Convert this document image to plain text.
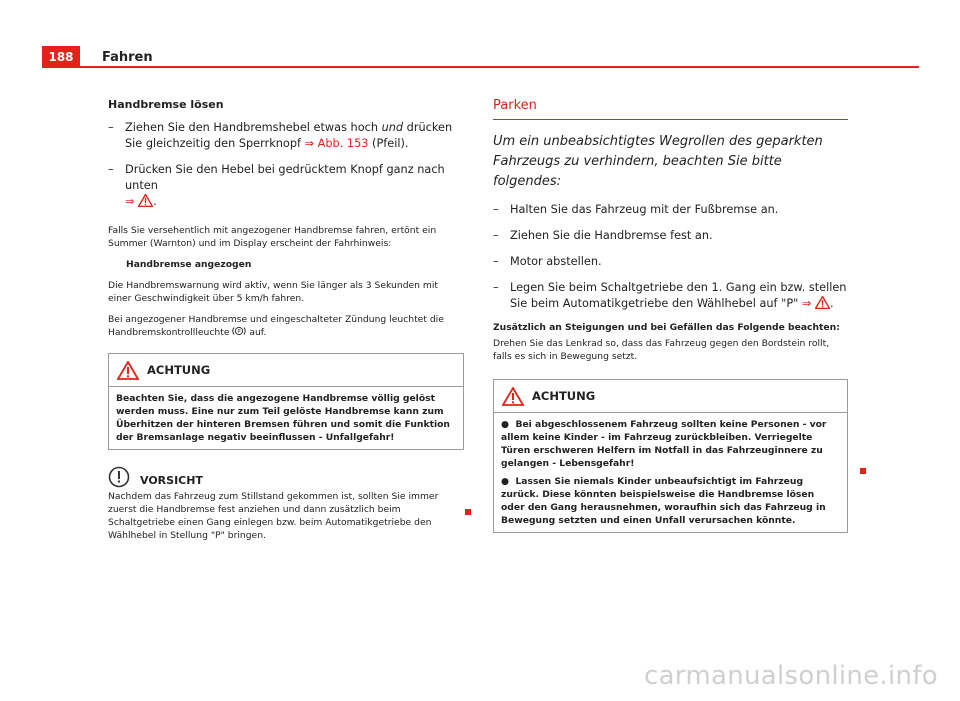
188	Fahren
Handbremse lösen
– Ziehen Sie den Handbremshebel etwas hoch und drücken Sie gleichzeitig den Sperrknopf ⇒ Abb. 153 (Pfeil).
– Drücken Sie den Hebel bei gedrücktem Knopf ganz nach unten
⇒ .

Falls Sie versehentlich mit angezogener Handbremse fahren, ertönt ein Summer (Warnton) und im Display erscheint der Fahrhinweis:

Handbremse angezogen

Die Handbremswarnung wird aktiv, wenn Sie länger als 3 Sekunden mit einer Geschwindigkeit über 5 km/h fahren.

Bei angezogener Handbremse und eingeschalteter Zündung leuchtet die Handbremskontrollleuchte P auf.

ACHTUNG

Beachten Sie, dass die angezogene Handbremse völlig gelöst werden muss. Eine nur zum Teil gelöste Handbremse kann zum Überhitzen der hinteren Bremsen führen und somit die Funktion der Bremsanlage negativ beeinflussen - Unfallgefahr!

VORSICHT

Nachdem das Fahrzeug zum Stillstand gekommen ist, sollten Sie immer zuerst die Handbremse fest anziehen und dann zusätzlich beim Schaltgetriebe einen Gang einlegen bzw. beim Automatikgetriebe den Wählhebel in Stellung "P" bringen.

Parken
Um ein unbeabsichtigtes Wegrollen des geparkten Fahrzeugs zu verhindern, beachten Sie bitte folgendes:
– Halten Sie das Fahrzeug mit der Fußbremse an.
– Ziehen Sie die Handbremse fest an.
– Motor abstellen.
– Legen Sie beim Schaltgetriebe den 1. Gang ein bzw. stellen Sie beim Automatikgetriebe den Wählhebel auf "P" ⇒ .

Zusätzlich an Steigungen und bei Gefällen das Folgende beachten:

Drehen Sie das Lenkrad so, dass das Fahrzeug gegen den Bordstein rollt, falls es sich in Bewegung setzt.

ACHTUNG

● Bei abgeschlossenem Fahrzeug sollten keine Personen - vor allem keine Kinder - im Fahrzeug zurückbleiben. Verriegelte Türen erschweren Helfern im Notfall in das Fahrzeuginnere zu gelangen - Lebensgefahr!

● Lassen Sie niemals Kinder unbeaufsichtigt im Fahrzeug zurück. Diese könnten beispielsweise die Handbremse lösen oder den Gang herausnehmen, woraufhin sich das Fahrzeug in Bewegung setzten und einen Unfall verursachen könnte.

carmanualsonline.info
